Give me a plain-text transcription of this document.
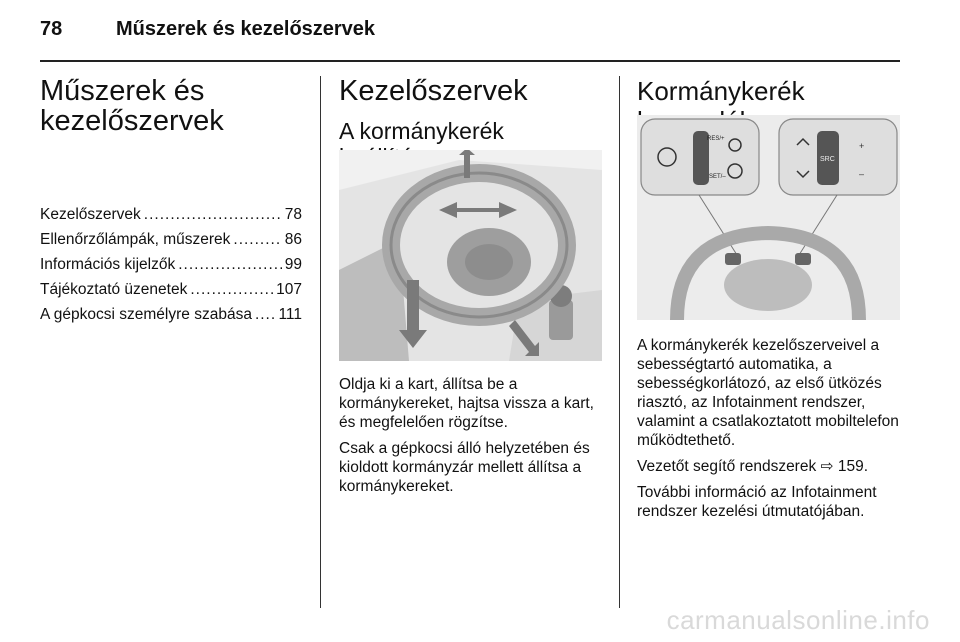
78	Műszerek és kezelőszervek
Műszerek és kezelőszervek
Kezelőszervek .....	78
Ellenőrzőlámpák, műszerek .....	86
Információs kijelzők .....	99
Tájékoztató üzenetek .....	107
A gépkocsi személyre szabása ..... 111
Kezelőszervek
A kormánykerék

Oldja ki a kart, állítsa be a kormánykereket, hajtsa vissza a kart, és megfelelően rögzítse.

Csak a gépkocsi álló helyzetében és kioldott kormányzár mellett állítsa a kormánykereket.

Kormánykerék
RES/+
SET/–
SRC
+
–

A kormánykerék kezelőszerveivel a sebességtartó automatika, a sebességkorlátozó, az első ütközés riasztó, az Infotainment rendszer, valamint a csatlakoztatott mobiltelefon működtethető.

Vezetőt segítő rendszerek ⇨ 159.

További információ az Infotainment rendszer kezelési útmutatójában.

carmanualsonline.info
